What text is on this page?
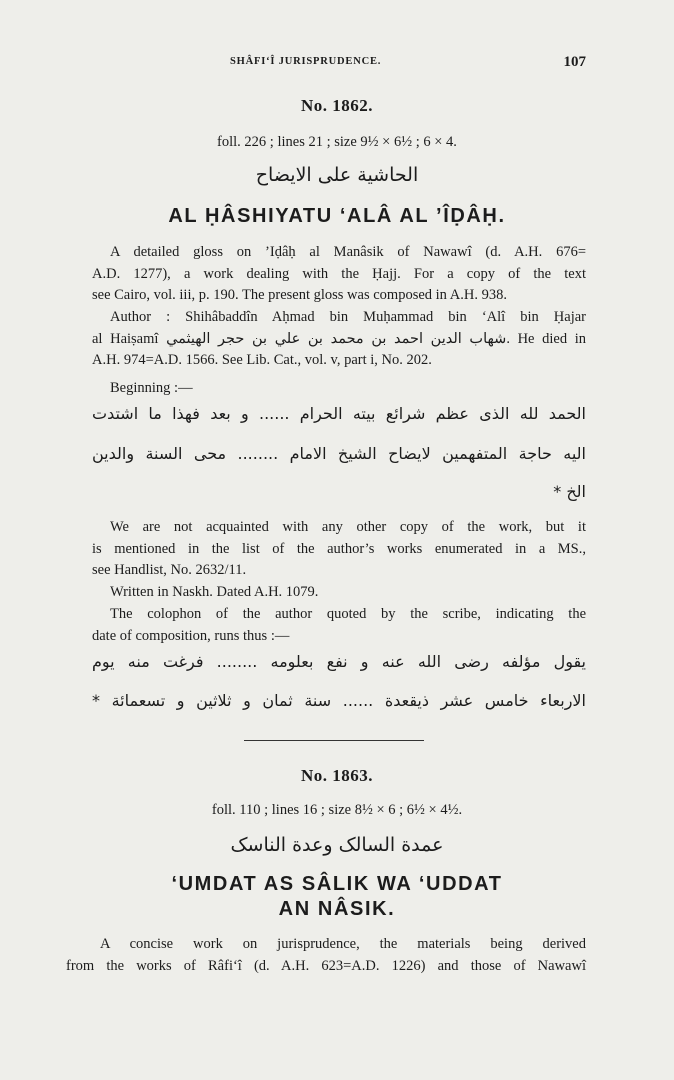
SHÂFI‘Î JURISPRUDENCE.	107
No. 1862.
foll. 226 ; lines 21 ; size 9½ × 6½ ; 6 × 4.
الحاشية على الايضاح
AL ḤÂSHIYATU ‘ALÂ AL ’ÎḌÂḤ.
A detailed gloss on ’Iḍâḥ al Manâsik of Nawawî (d. A.H. 676=
A.D. 1277), a work dealing with the Ḥajj. For a copy of the text
see Cairo, vol. iii, p. 190. The present gloss was composed in A.H. 938.
Author : Shihâbaddîn Aḥmad bin Muḥammad bin ‘Alî bin Ḥajar
al Haiṣamî شهاب الدين احمد بن محمد بن علي بن حجر الهيثمي. He died in
A.H. 974=A.D. 1566. See Lib. Cat., vol. v, part i, No. 202.
Beginning :—
الحمد لله الذى عظم شرائع بيته الحرام ...... و بعد فهذا ما اشتدت
اليه حاجة المتفهمين لايضاح الشيخ الامام ........ محى السنة والدين
الخ *
We are not acquainted with any other copy of the work, but it
is mentioned in the list of the author’s works enumerated in a MS.,
see Handlist, No. 2632/11.
Written in Naskh. Dated A.H. 1079.
The colophon of the author quoted by the scribe, indicating the
date of composition, runs thus :—
يقول مؤلفه رضى الله عنه و نفع بعلومه ........ فرغت منه يوم
الاربعاء خامس عشر ذيقعدة ...... سنة ثمان و ثلاثين و تسعمائة *
No. 1863.
foll. 110 ; lines 16 ; size 8½ × 6 ; 6½ × 4½.
عمدة السالک وعدة الناسک
‘UMDAT AS SÂLIK WA ‘UDDAT
AN NÂSIK.
A concise work on jurisprudence, the materials being derived
from the works of Râfi‘î (d. A.H. 623=A.D. 1226) and those of Nawawî
